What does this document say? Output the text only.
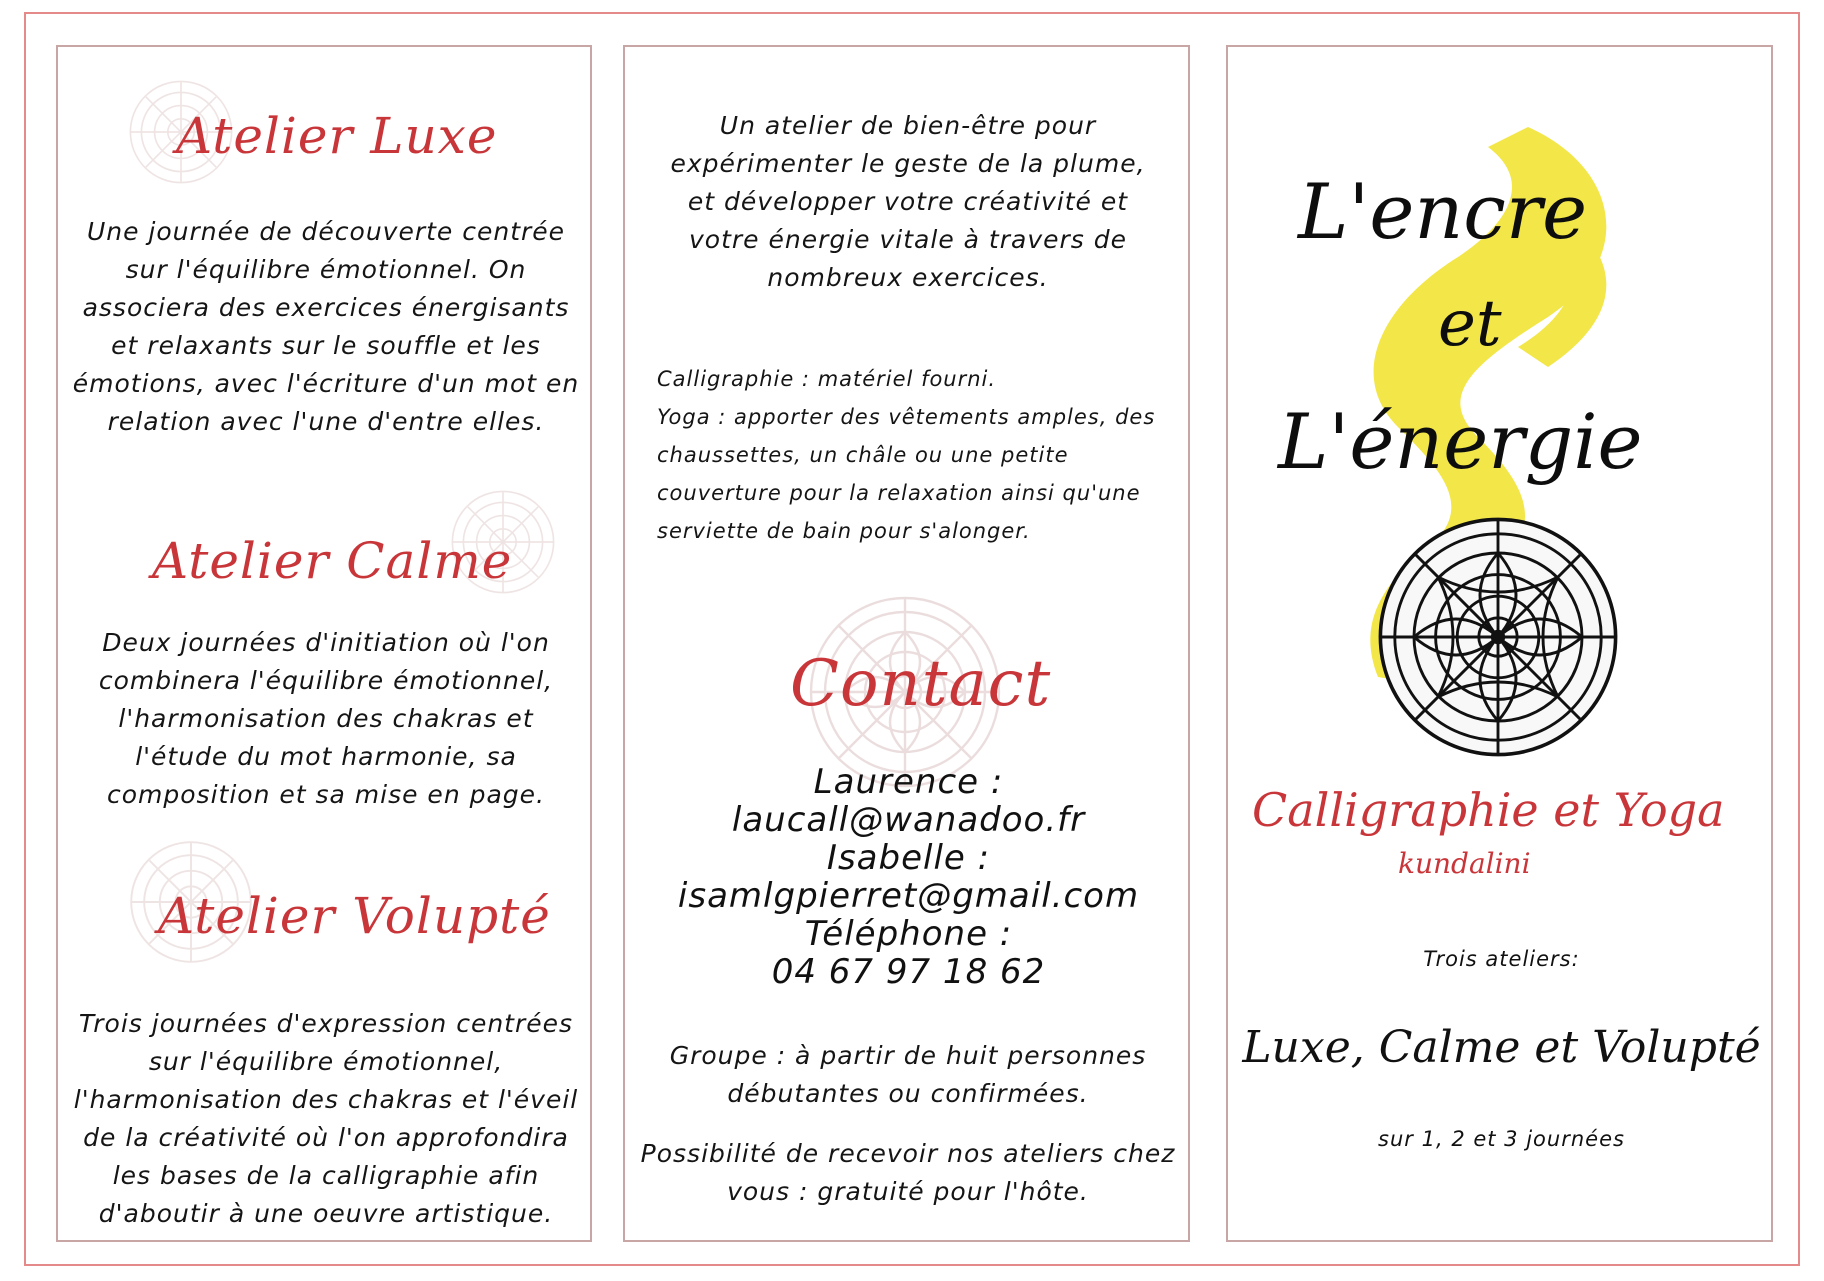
Atelier Luxe
Une journée de découverte centrée sur l'équilibre émotionnel. On associera des exercices énergisants et relaxants sur le souffle et les émotions, avec l'écriture d'un mot en relation avec l'une d'entre elles.
Atelier Calme
Deux journées d'initiation où l'on combinera l'équilibre émotionnel, l'harmonisation des chakras et l'étude du mot harmonie, sa composition et sa mise en page.
Atelier Volupté
Trois journées d'expression centrées sur l'équilibre émotionnel, l'harmonisation des chakras et l'éveil de la créativité où l'on approfondira les bases de la calligraphie afin d'aboutir à une oeuvre artistique.
Un atelier de bien-être pour expérimenter le geste de la plume, et développer votre créativité et votre énergie vitale à travers de nombreux exercices.
Calligraphie : matériel fourni.
Yoga : apporter des vêtements amples, des chaussettes, un châle ou une petite couverture pour la relaxation ainsi qu'une serviette de bain pour s'alonger.
Contact
Laurence :
laucall@wanadoo.fr
Isabelle :
isamlgpierret@gmail.com
Téléphone :
04 67 97 18 62
Groupe : à partir de huit personnes débutantes ou confirmées.
Possibilité de recevoir nos ateliers chez vous : gratuité pour l'hôte.
L'encre
et
L'énergie
Calligraphie et Yoga
kundalini
Trois ateliers:
Luxe, Calme et Volupté
sur 1, 2 et 3 journées
